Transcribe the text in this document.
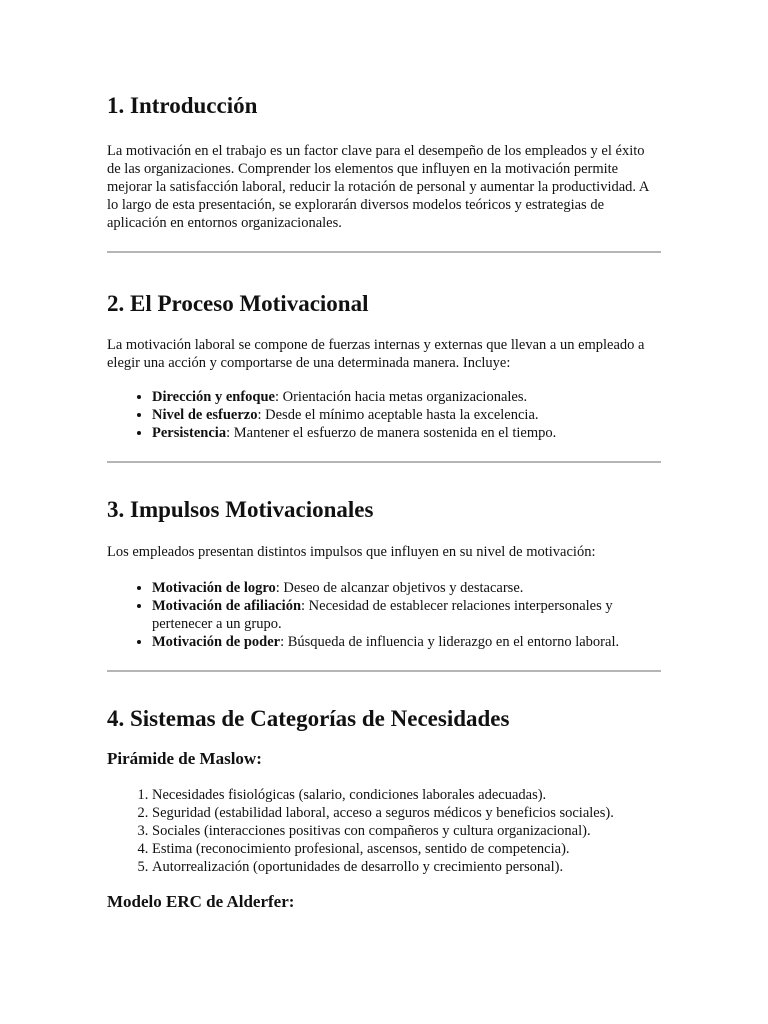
1. Introducción

La motivación en el trabajo es un factor clave para el desempeño de los empleados y el éxito de las organizaciones. Comprender los elementos que influyen en la motivación permite mejorar la satisfacción laboral, reducir la rotación de personal y aumentar la productividad. A lo largo de esta presentación, se explorarán diversos modelos teóricos y estrategias de aplicación en entornos organizacionales.

2. El Proceso Motivacional

La motivación laboral se compone de fuerzas internas y externas que llevan a un empleado a elegir una acción y comportarse de una determinada manera. Incluye:

• Dirección y enfoque: Orientación hacia metas organizacionales.
• Nivel de esfuerzo: Desde el mínimo aceptable hasta la excelencia.
• Persistencia: Mantener el esfuerzo de manera sostenida en el tiempo.
3. Impulsos Motivacionales

Los empleados presentan distintos impulsos que influyen en su nivel de motivación:

• Motivación de logro: Deseo de alcanzar objetivos y destacarse.
• Motivación de afiliación: Necesidad de establecer relaciones interpersonales y pertenecer a un grupo.
• Motivación de poder: Búsqueda de influencia y liderazgo en el entorno laboral.
4. Sistemas de Categorías de Necesidades
Pirámide de Maslow:
1. Necesidades fisiológicas (salario, condiciones laborales adecuadas).
2. Seguridad (estabilidad laboral, acceso a seguros médicos y beneficios sociales).
3. Sociales (interacciones positivas con compañeros y cultura organizacional).
4. Estima (reconocimiento profesional, ascensos, sentido de competencia).
5. Autorrealización (oportunidades de desarrollo y crecimiento personal).
Modelo ERC de Alderfer:
